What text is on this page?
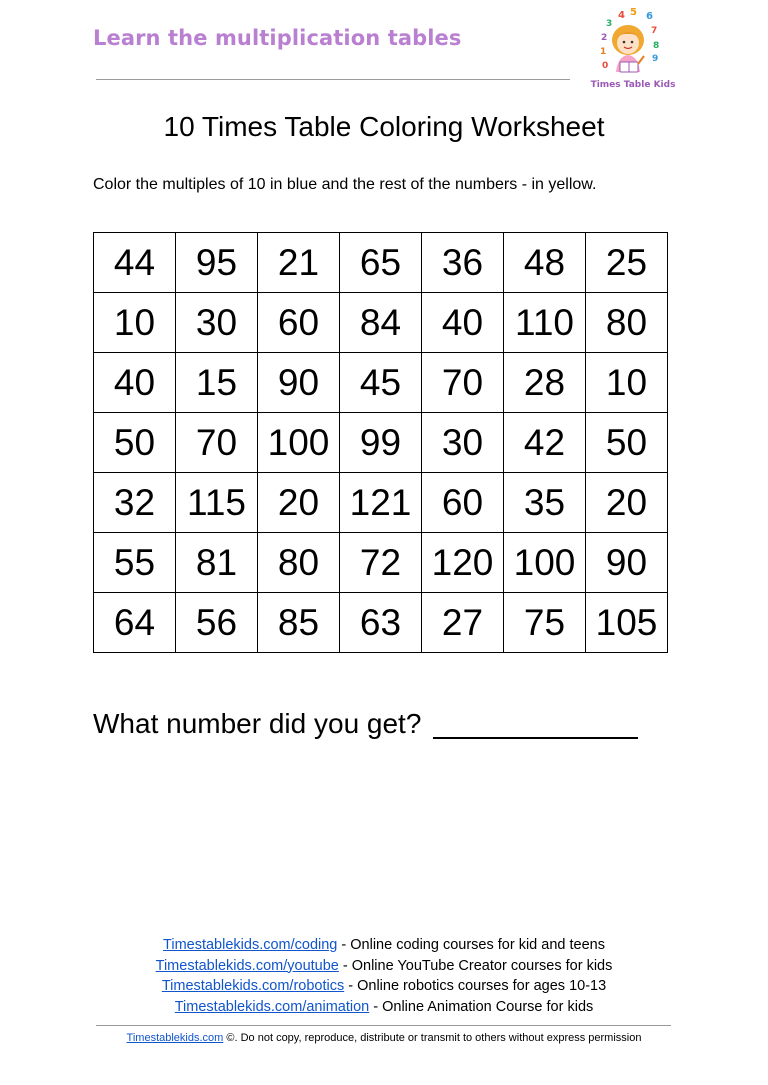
Learn the multiplication tables
4 5 6
3
7
2
8
1
9
0
Times Table Kids
10 Times Table Coloring Worksheet
Color the multiples of 10 in blue and the rest of the numbers - in yellow.
44	95	21	65	36	48	25
10	30	60	84	40	110	80
40	15	90	45	70	28	10
50	70	100	99	30	42	50
32	115	20	121	60	35	20
55	81	80	72	120	100	90
64	56	85	63	27	75	105
What number did you get?
Timestablekids.com/coding - Online coding courses for kid and teens
Timestablekids.com/youtube - Online YouTube Creator courses for kids
Timestablekids.com/robotics - Online robotics courses for ages 10-13
Timestablekids.com/animation - Online Animation Course for kids
Timestablekids.com ©. Do not copy, reproduce, distribute or transmit to others without express permission
